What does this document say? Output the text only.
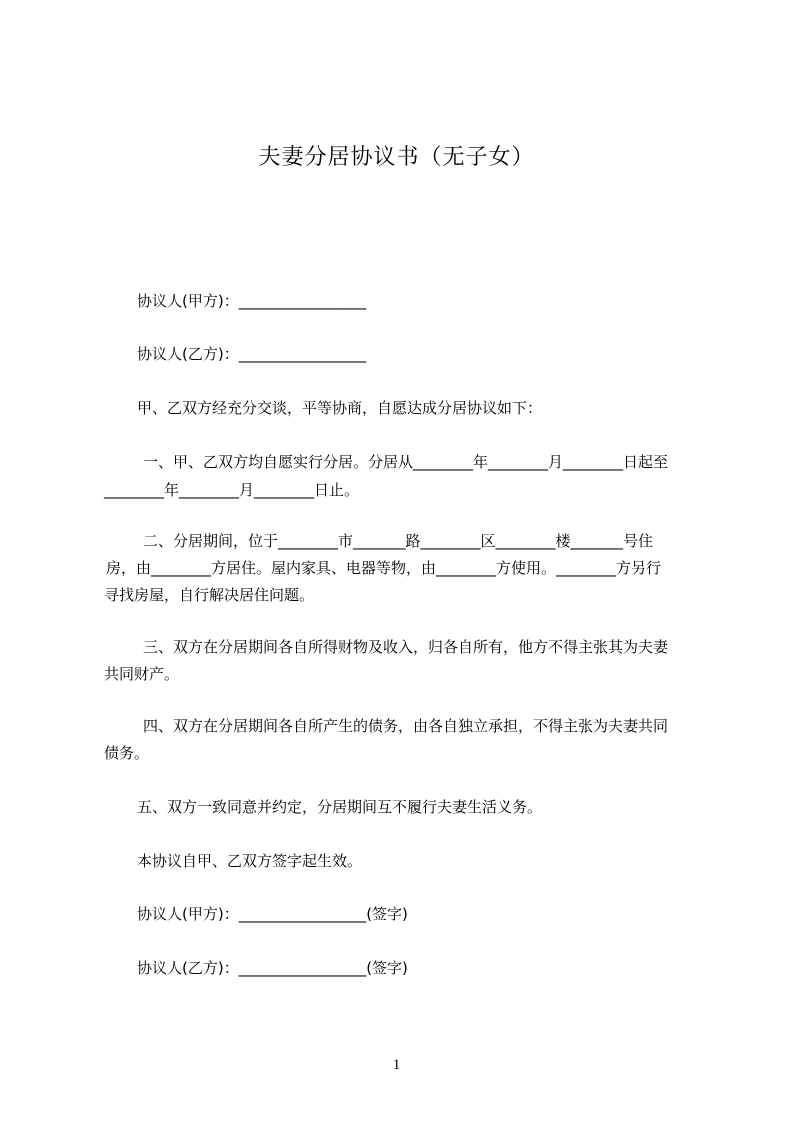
夫妻分居协议书（无子女）
协议人(甲方)：_________________
协议人(乙方)：_________________
甲、乙双方经充分交谈，平等协商，自愿达成分居协议如下：
一、甲、乙双方均自愿实行分居。分居从________年________月________日起至
________年________月________日止。
二、分居期间，位于________市_______路________区________楼_______号住
房，由________方居住。屋内家具、电器等物，由________方使用。________方另行
寻找房屋，自行解决居住问题。
三、双方在分居期间各自所得财物及收入，归各自所有，他方不得主张其为夫妻
共同财产。
四、双方在分居期间各自所产生的债务，由各自独立承担，不得主张为夫妻共同
债务。
五、双方一致同意并约定，分居期间互不履行夫妻生活义务。
本协议自甲、乙双方签字起生效。
协议人(甲方)：_________________(签字)
协议人(乙方)：_________________(签字)
1
